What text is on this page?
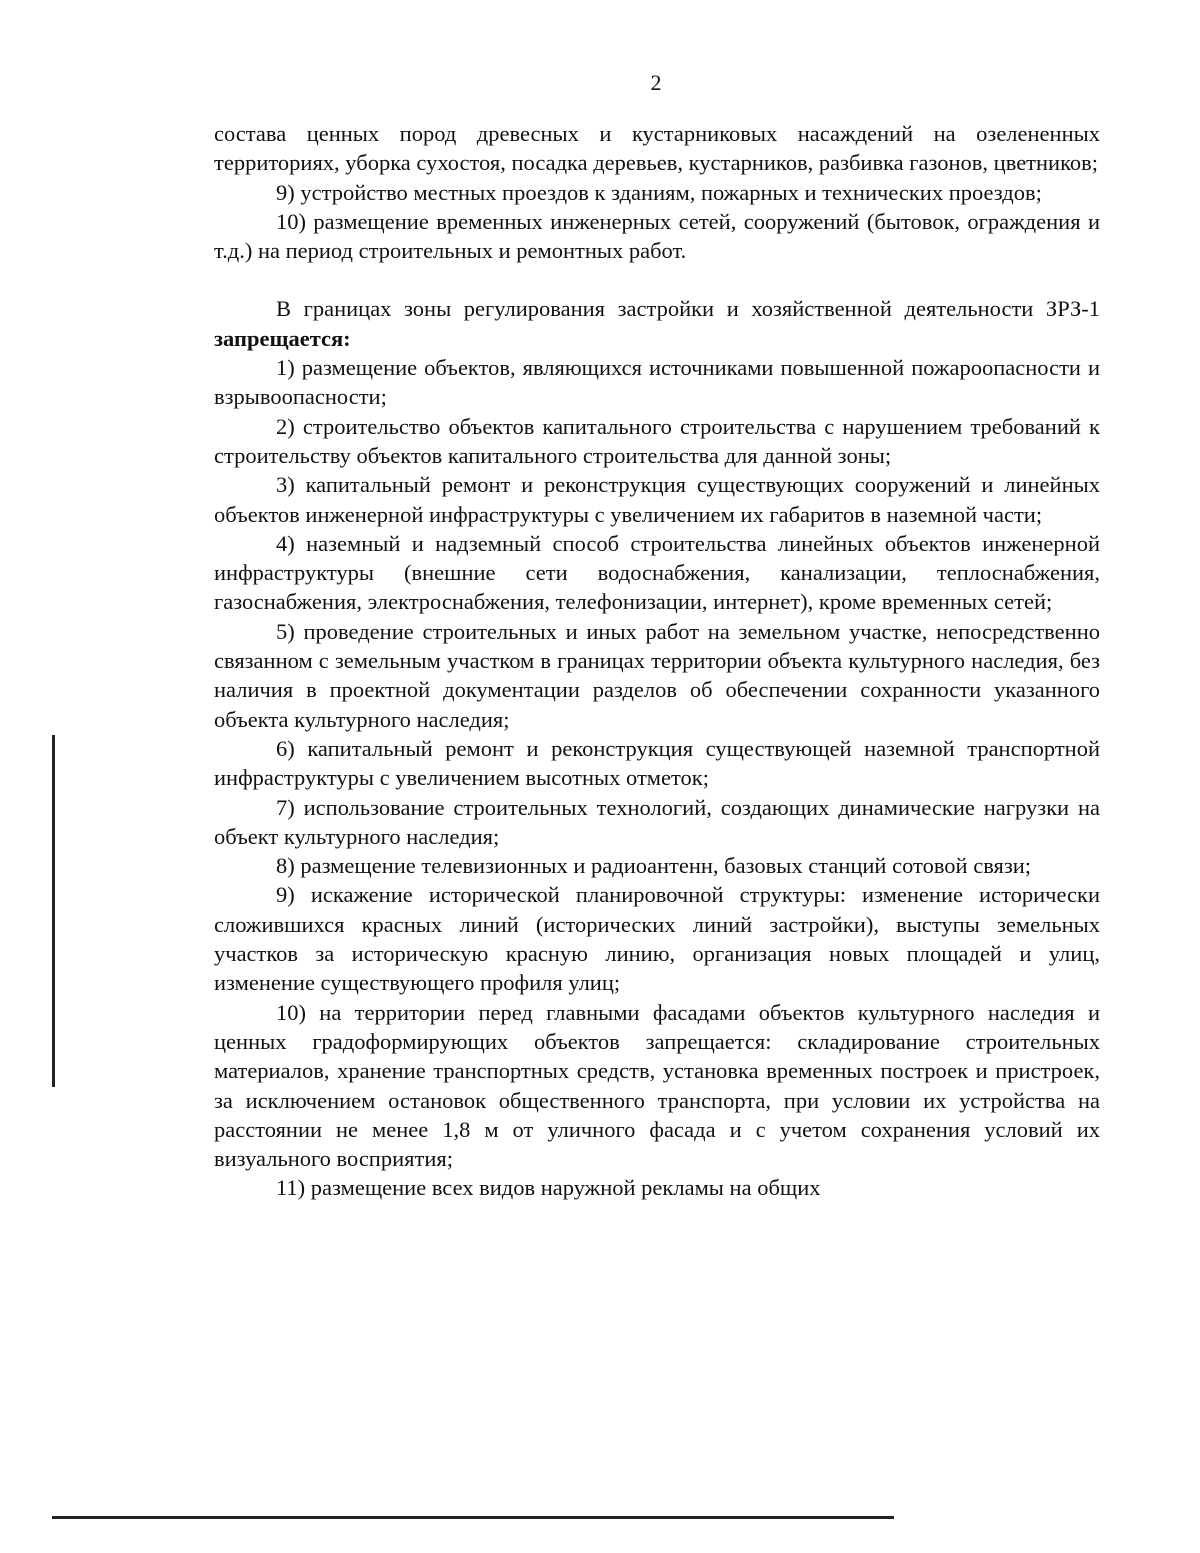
2

состава ценных пород древесных и кустарниковых насаждений на озелененных территориях, уборка сухостоя, посадка деревьев, кустарников, разбивка газонов, цветников;

9) устройство местных проездов к зданиям, пожарных и технических проездов;

10) размещение временных инженерных сетей, сооружений (бытовок, ограждения и т.д.) на период строительных и ремонтных работ.

В границах зоны регулирования застройки и хозяйственной деятельности ЗРЗ-1 запрещается:

1) размещение объектов, являющихся источниками повышенной пожароопасности и взрывоопасности;

2) строительство объектов капитального строительства с нарушением требований к строительству объектов капитального строительства для данной зоны;

3) капитальный ремонт и реконструкция существующих сооружений и линейных объектов инженерной инфраструктуры с увеличением их габаритов в наземной части;

4) наземный и надземный способ строительства линейных объектов инженерной инфраструктуры (внешние сети водоснабжения, канализации, теплоснабжения, газоснабжения, электроснабжения, телефонизации, интернет), кроме временных сетей;

5) проведение строительных и иных работ на земельном участке, непосредственно связанном с земельным участком в границах территории объекта культурного наследия, без наличия в проектной документации разделов об обеспечении сохранности указанного объекта культурного наследия;

6) капитальный ремонт и реконструкция существующей наземной транспортной инфраструктуры с увеличением высотных отметок;

7) использование строительных технологий, создающих динамические нагрузки на объект культурного наследия;

8) размещение телевизионных и радиоантенн, базовых станций сотовой связи;

9) искажение исторической планировочной структуры: изменение исторически сложившихся красных линий (исторических линий застройки), выступы земельных участков за историческую красную линию, организация новых площадей и улиц, изменение существующего профиля улиц;

10) на территории перед главными фасадами объектов культурного наследия и ценных градоформирующих объектов запрещается: складирование строительных материалов, хранение транспортных средств, установка временных построек и пристроек, за исключением остановок общественного транспорта, при условии их устройства на расстоянии не менее 1,8 м от уличного фасада и с учетом сохранения условий их визуального восприятия;

11) размещение всех видов наружной рекламы на общих
